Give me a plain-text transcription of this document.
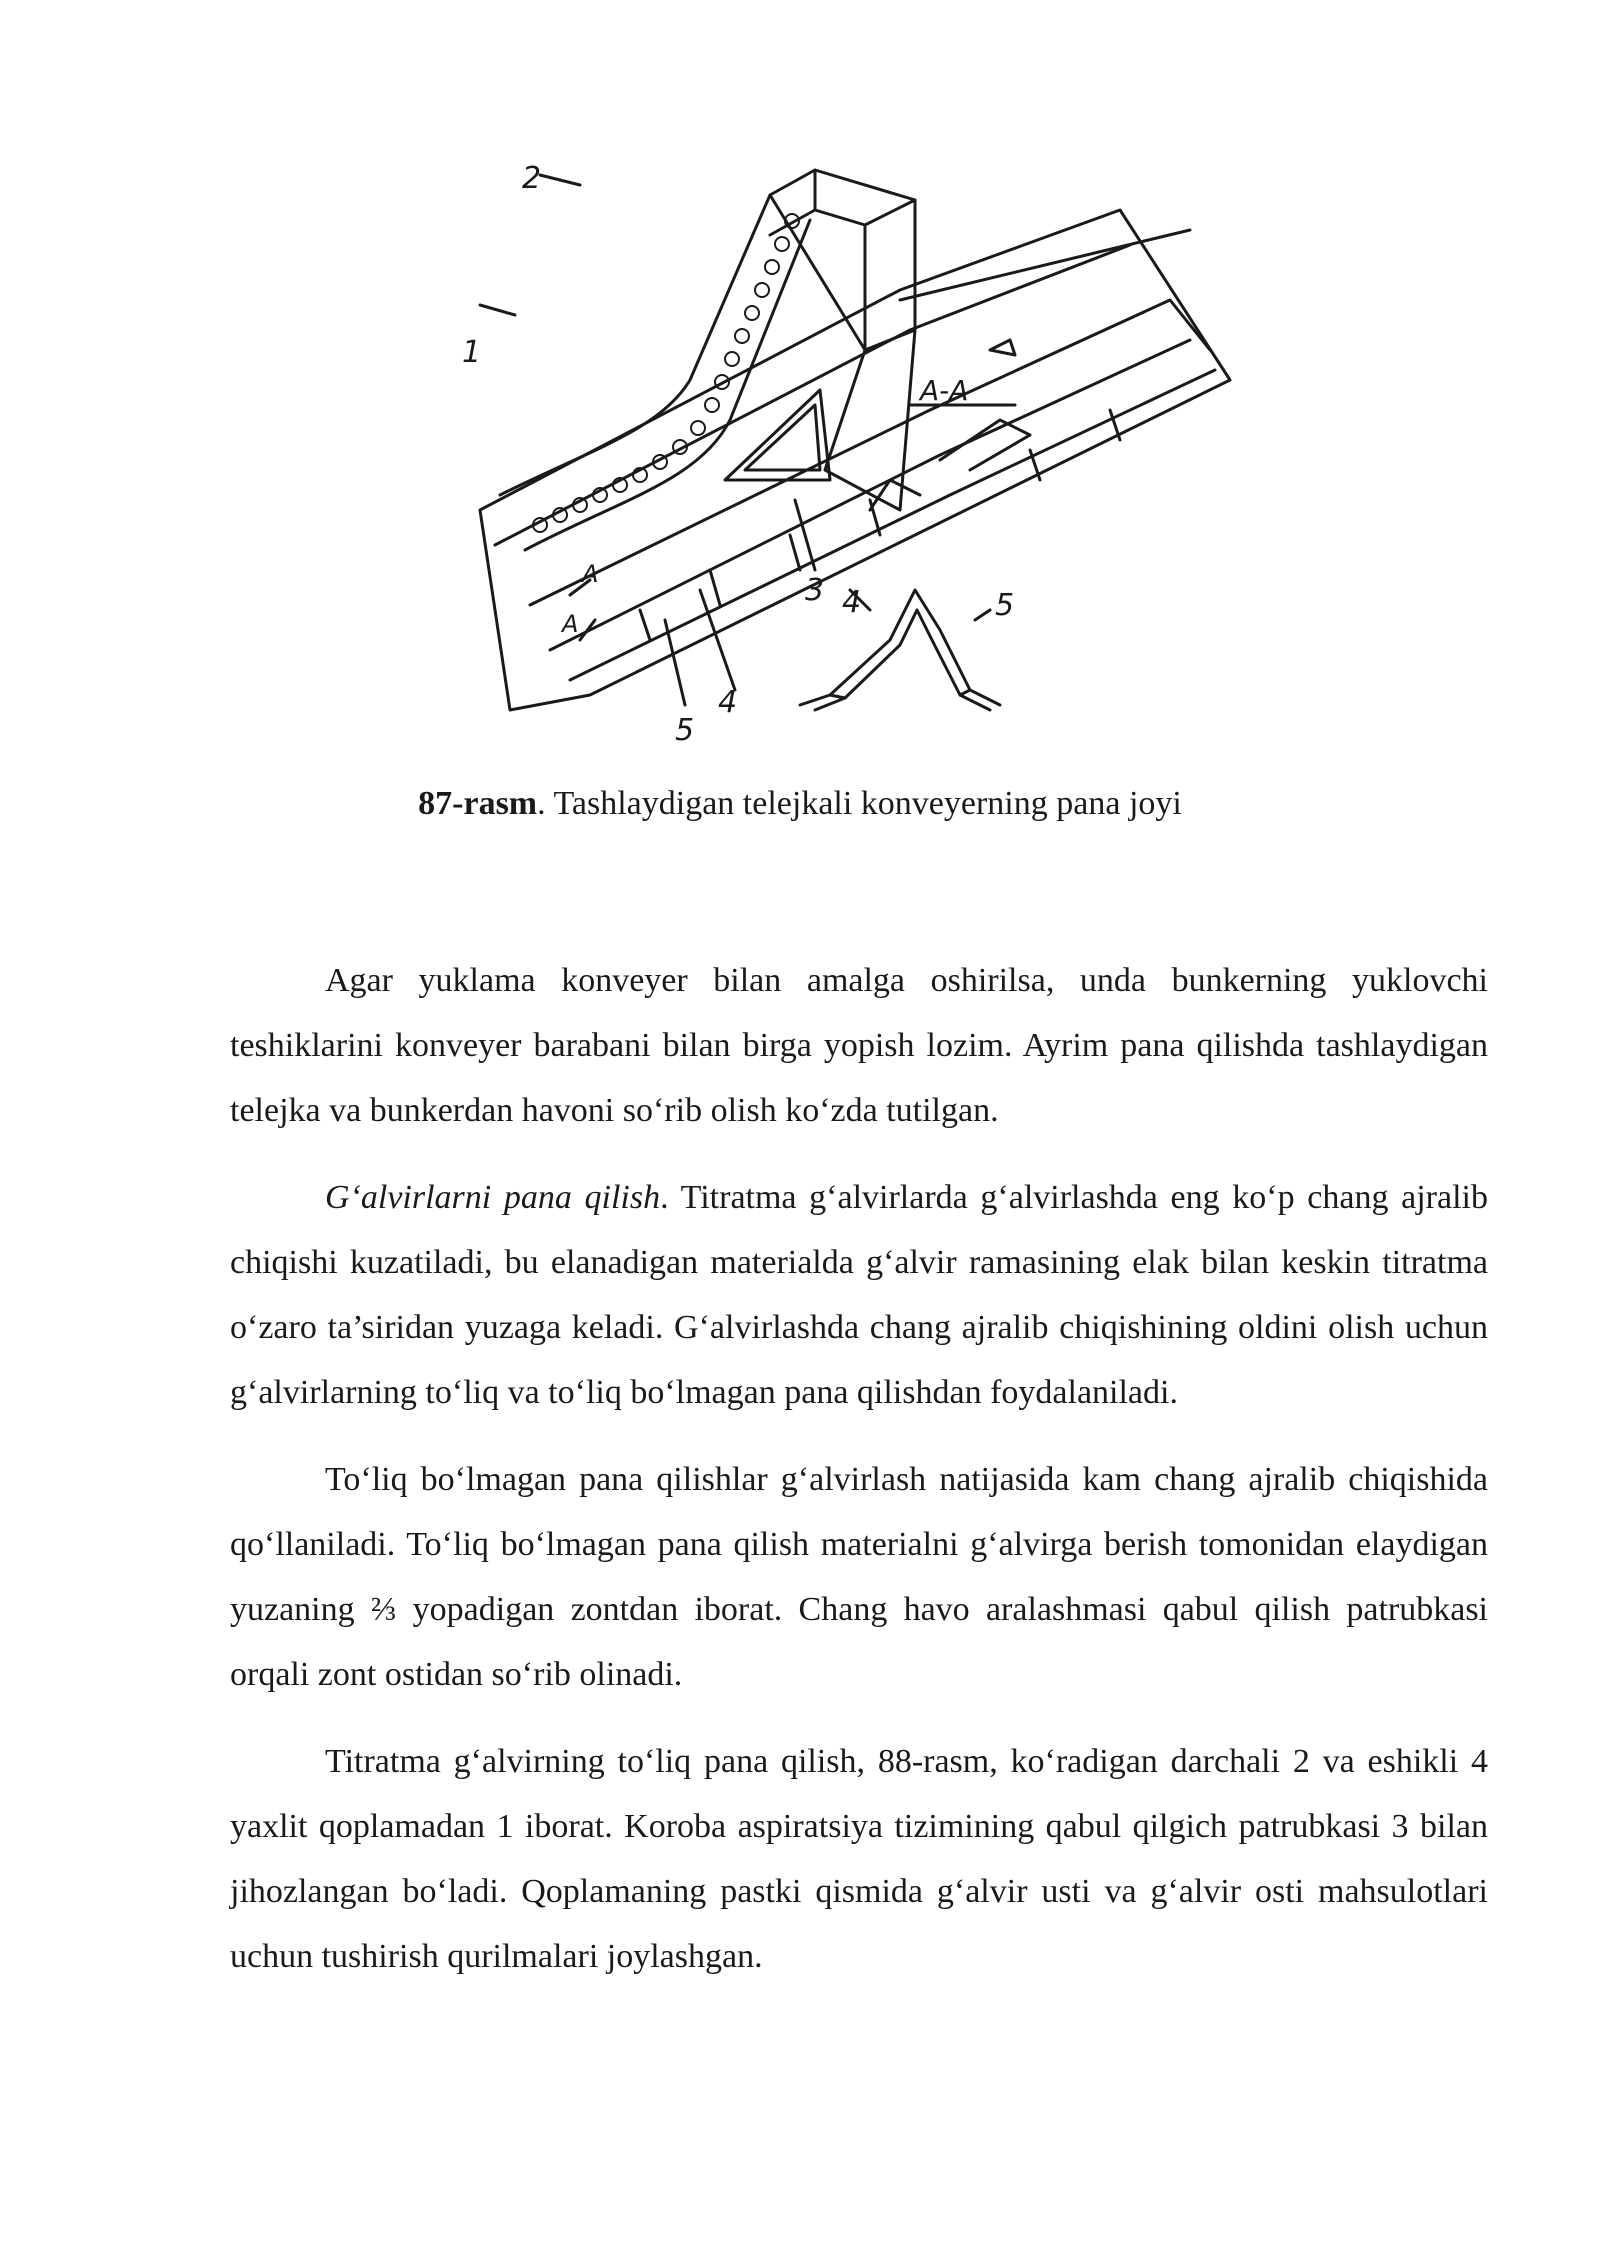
1
2
3
4
5
4	5
A
A
A-A
87-rasm. Tashlaydigan telejkali konveyerning pana joyi

Agar yuklama konveyer bilan amalga oshirilsa, unda bunkerning yuklovchi teshiklarini konveyer barabani bilan birga yopish lozim. Ayrim pana qilishda tashlaydigan telejka va bunkerdan havoni so‘rib olish ko‘zda tutilgan.

G‘alvirlarni pana qilish. Titratma g‘alvirlarda g‘alvirlashda eng ko‘p chang ajralib chiqishi kuzatiladi, bu elanadigan materialda g‘alvir ramasining elak bilan keskin titratma o‘zaro ta’siridan yuzaga keladi. G‘alvirlashda chang ajralib chiqishining oldini olish uchun g‘alvirlarning to‘liq va to‘liq bo‘lmagan pana qilishdan foydalaniladi.

To‘liq bo‘lmagan pana qilishlar g‘alvirlash natijasida kam chang ajralib chiqishida qo‘llaniladi. To‘liq bo‘lmagan pana qilish materialni g‘alvirga berish tomonidan elaydigan yuzaning ⅔ yopadigan zontdan iborat. Chang havo aralashmasi qabul qilish patrubkasi orqali zont ostidan so‘rib olinadi.

Titratma g‘alvirning to‘liq pana qilish, 88-rasm, ko‘radigan darchali 2 va eshikli 4 yaxlit qoplamadan 1 iborat. Koroba aspiratsiya tizimining qabul qilgich patrubkasi 3 bilan jihozlangan bo‘ladi. Qoplamaning pastki qismida g‘alvir usti va g‘alvir osti mahsulotlari uchun tushirish qurilmalari joylashgan.
